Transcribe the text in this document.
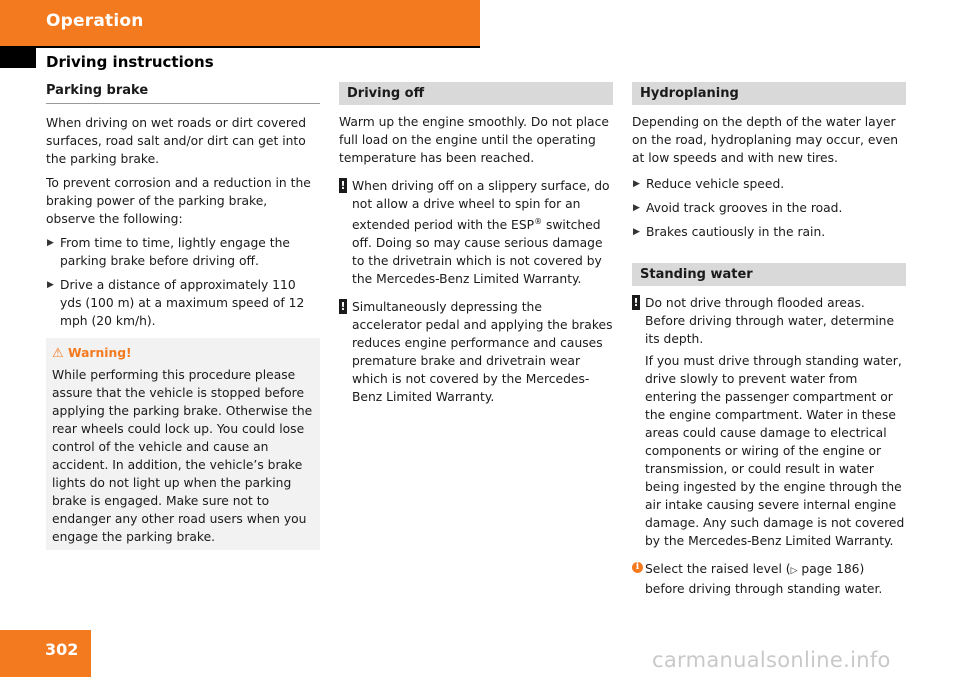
Operation
Driving instructions
Parking brake

When driving on wet roads or dirt covered surfaces, road salt and/or dirt can get into the parking brake.

To prevent corrosion and a reduction in the braking power of the parking brake, observe the following:

▶ From time to time, lightly engage the parking brake before driving off.
▶ Drive a distance of approximately 110 yds (100 m) at a maximum speed of 12 mph (20 km/h).
⚠ Warning!
While performing this procedure please assure that the vehicle is stopped before applying the parking brake. Otherwise the rear wheels could lock up. You could lose control of the vehicle and cause an accident. In addition, the vehicle’s brake lights do not light up when the parking brake is engaged. Make sure not to endanger any other road users when you engage the parking brake.
Driving off

Warm up the engine smoothly. Do not place full load on the engine until the operating temperature has been reached.

! When driving off on a slippery surface, do not allow a drive wheel to spin for an extended period with the ESP® switched off. Doing so may cause serious damage to the drivetrain which is not covered by the Mercedes-Benz Limited Warranty.

! Simultaneously depressing the accelerator pedal and applying the brakes reduces engine performance and causes premature brake and drivetrain wear which is not covered by the Mercedes-Benz Limited Warranty.

Hydroplaning

Depending on the depth of the water layer on the road, hydroplaning may occur, even at low speeds and with new tires.

▶ Reduce vehicle speed.
▶ Avoid track grooves in the road.
▶ Brakes cautiously in the rain.
Standing water
! Do not drive through flooded areas. Before driving through water, determine its depth.

If you must drive through standing water, drive slowly to prevent water from entering the passenger compartment or the engine compartment. Water in these areas could cause damage to electrical components or wiring of the engine or transmission, or could result in water being ingested by the engine through the air intake causing severe internal engine damage. Any such damage is not covered by the Mercedes-Benz Limited Warranty.

i Select the raised level (▷ page 186) before driving through standing water.
302	carmanualsonline.info
